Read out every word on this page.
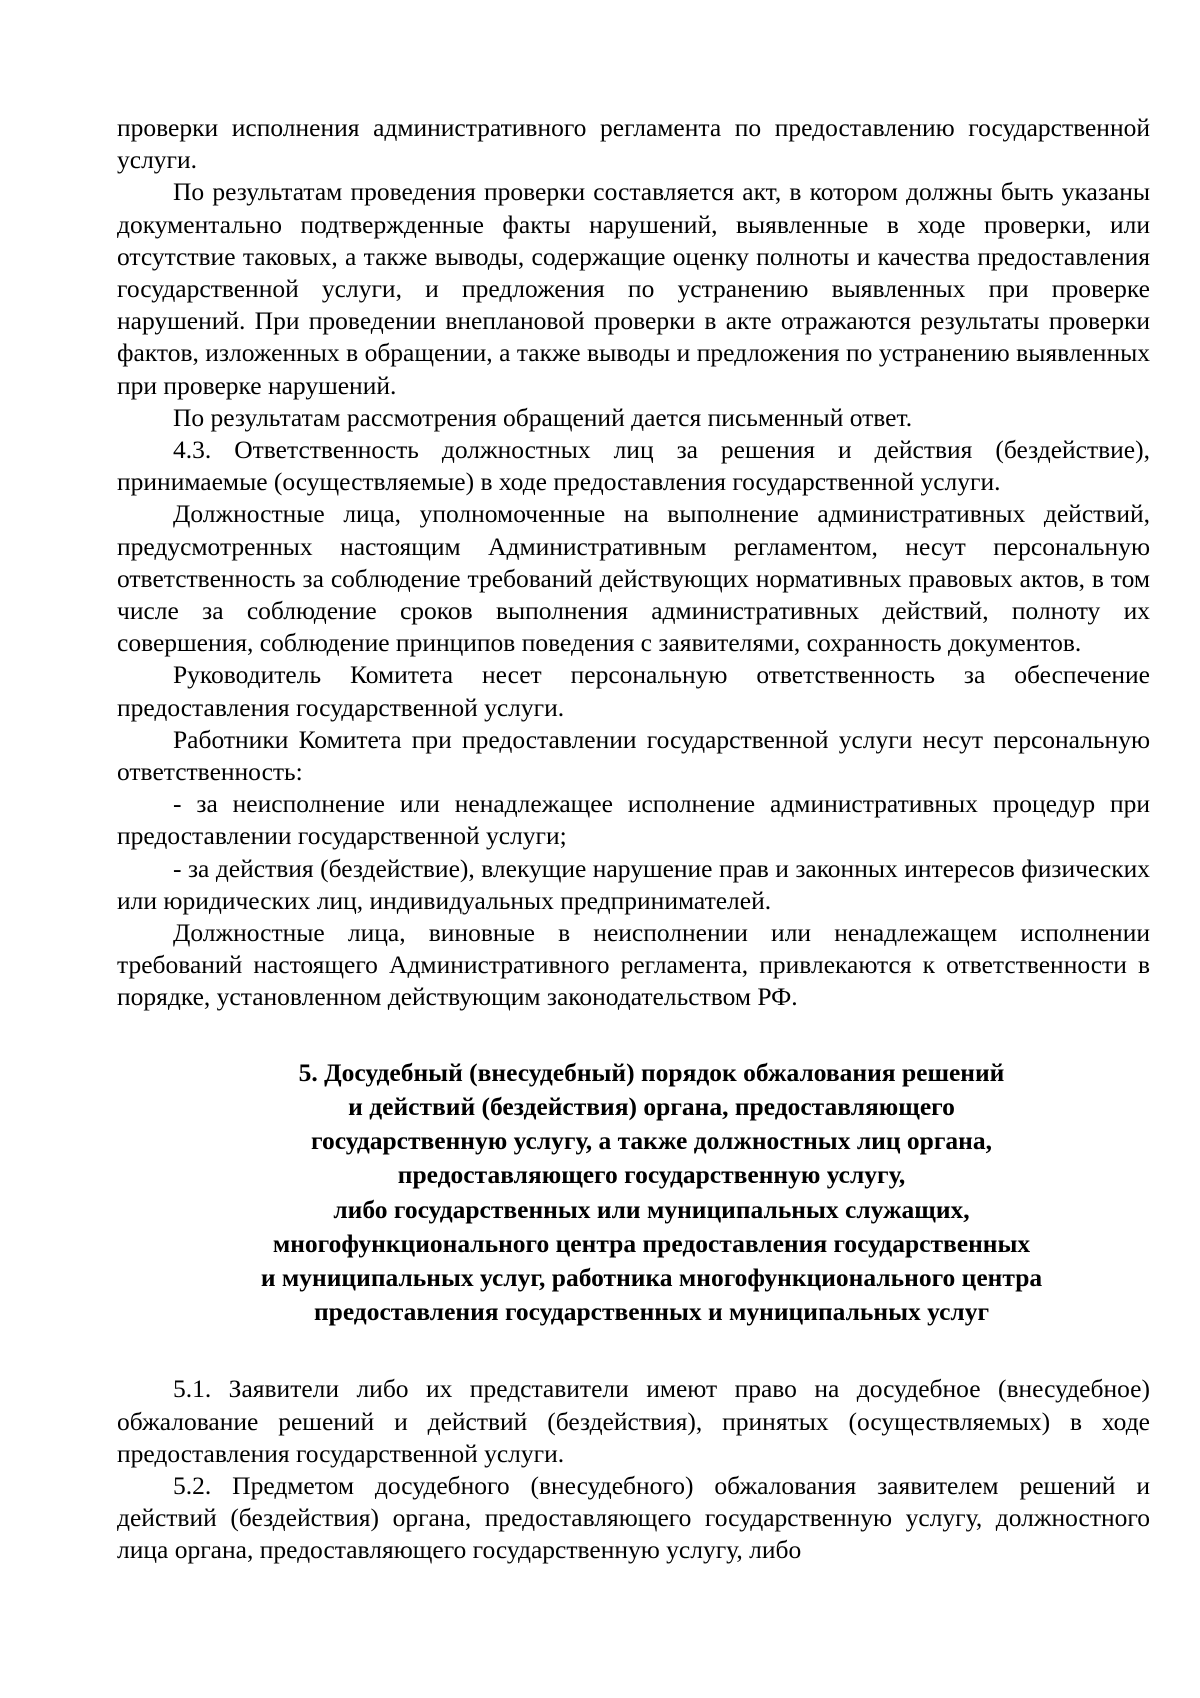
проверки исполнения административного регламента по предоставлению государственной услуги.

По результатам проведения проверки составляется акт, в котором должны быть указаны документально подтвержденные факты нарушений, выявленные в ходе проверки, или отсутствие таковых, а также выводы, содержащие оценку полноты и качества предоставления государственной услуги, и предложения по устранению выявленных при проверке нарушений. При проведении внеплановой проверки в акте отражаются результаты проверки фактов, изложенных в обращении, а также выводы и предложения по устранению выявленных при проверке нарушений.

По результатам рассмотрения обращений дается письменный ответ.

4.3. Ответственность должностных лиц за решения и действия (бездействие), принимаемые (осуществляемые) в ходе предоставления государственной услуги.

Должностные лица, уполномоченные на выполнение административных действий, предусмотренных настоящим Административным регламентом, несут персональную ответственность за соблюдение требований действующих нормативных правовых актов, в том числе за соблюдение сроков выполнения административных действий, полноту их совершения, соблюдение принципов поведения с заявителями, сохранность документов.

Руководитель Комитета несет персональную ответственность за обеспечение предоставления государственной услуги.

Работники Комитета при предоставлении государственной услуги несут персональную ответственность:

- за неисполнение или ненадлежащее исполнение административных процедур при предоставлении государственной услуги;

- за действия (бездействие), влекущие нарушение прав и законных интересов физических или юридических лиц, индивидуальных предпринимателей.

Должностные лица, виновные в неисполнении или ненадлежащем исполнении требований настоящего Административного регламента, привлекаются к ответственности в порядке, установленном действующим законодательством РФ.

5. Досудебный (внесудебный) порядок обжалования решений
и действий (бездействия) органа, предоставляющего
государственную услугу, а также должностных лиц органа,
предоставляющего государственную услугу,
либо государственных или муниципальных служащих,
многофункционального центра предоставления государственных
и муниципальных услуг, работника многофункционального центра
предоставления государственных и муниципальных услуг

5.1. Заявители либо их представители имеют право на досудебное (внесудебное) обжалование решений и действий (бездействия), принятых (осуществляемых) в ходе предоставления государственной услуги.

5.2. Предметом досудебного (внесудебного) обжалования заявителем решений и действий (бездействия) органа, предоставляющего государственную услугу, должностного лица органа, предоставляющего государственную услугу, либо
